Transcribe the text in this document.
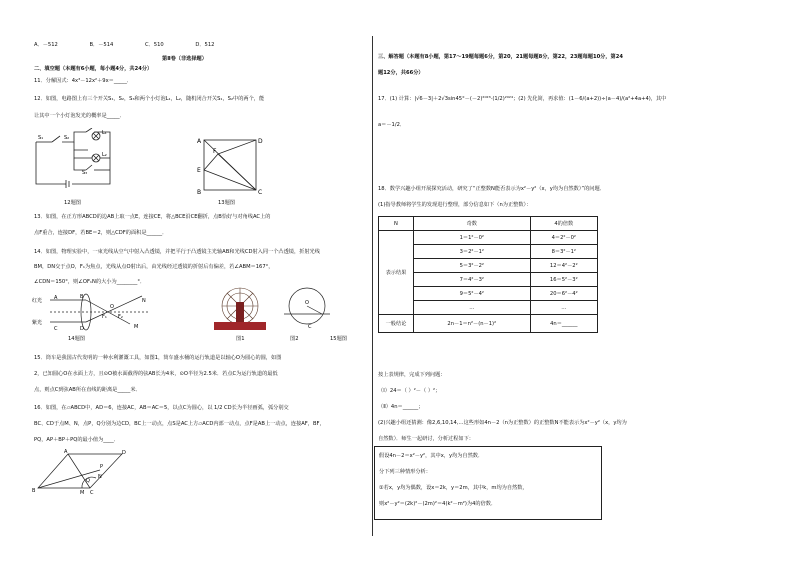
A．－512	B．－514	C．510	D．512
第Ⅱ卷（非选择题）
二、填空题（本题有6小题，每小题4分，共24分）
11．分解因式：4x³－12x²＋9x＝_____．
12．如图，电路图上有三个开关S₁，S₂，S₃和两个小灯泡L₁，L₂，随机闭合开关S₁，S₂中的两个，能
让其中一个小灯泡发光的概率是_____．
S₁	S₂
S₃
L₁
L₂
12题图
A	D
B	C
E
F
13题图
13．如图，在正方形ABCD的边AB上取一点E，连接CE，将△BCE沿CE翻折，点B恰好与对角线AC上的
点F重合，连接DF，若BE＝2，则△CDF的面积是______．
14．如图，物理实验中，一束光线从空气中射入凸透镜，并把平行于凸透镜主光轴AB和光线CD射入同一个凸透镜，折射光线
BM，DN交于点O，F₁为焦点，光线从点O射出后，由光线经过透镜的折射后有偏差，若∠ABM＝167°，
∠CDN＝150°，则∠OF₁N的大小为________°．
红光
紫光
A	B
C	D
F₁ F₂
O
N
M
14题图	图1
O
C
图2	15题图
15．筒车是我国古代发明的一种水利灌溉工具，如图1，筒车盛水桶的运行轨道是以轴心O为圆心的圆，如图
2，已知圆心O在水面上方，且⊙O被水面截得的弦AB长为4米，⊙O半径为2.5米．若点C为运行轨道的最低
点，则点C到弦AB所在直线的距离是_____米．
16．如图，在▱ABCD中，AD＝6，连接AC，AB＝AC＝5，以点C为圆心，以 1/2 CD长为半径画弧，弧分别交
BC、CD于点M、N，点P，Q分别为边CD，BC上一动点，点S是AC上方▱ACD内部一动点，点F是AB上一动点，连接AF，BF，
PQ，AP＋BP＋PQ的最小值为____．
B	C
A	D
M
N
P
Q
三、解答题（本题有8小题，第17～19题每题6分，第20，21题每题8分，第22，23题每题10分，第24
题12分，共66分）
17．(1) 计算：|√6－3|＋2√3sin45°－(－2)²⁰²³·(1/2)²⁰²⁴；(2) 先化简，再求值：(1－6/(a+2))÷(a－4)/(a²+4a+4)，其中
a＝－1/2．
18．数学兴趣小组开展探究活动，研究了“正整数N能否表示为x²－y²（x，y均为自然数）”的问题．
(1)指导教师将学生的发现进行整理，部分信息如下（n为正整数）：
N	奇数	4的倍数
表示结果	1＝1²－0²	4＝2²－0²
	3＝2²－1²	8＝3²－1²
	5＝3²－2²	12＝4²－2²
	7＝4²－3²	16＝5²－3²
	9＝5²－4²	20＝6²－4²
	…	…
一般结论	2n－1＝n²－(n－1)²	4n＝______
按上表规律，完成下列问题：
（Ⅰ）24＝（ ）²－（ ）²；
（Ⅱ）4n＝______；
(2)兴趣小组还猜测：像2,6,10,14,…这些形如4n－2（n为正整数）的正整数N不能表示为x²－y²（x，y均为
自然数）．师生一起研讨，分析过程如下：
假设4n－2＝x²－y²，其中x，y均为自然数．
分下列三种情形分析：
①若x，y均为偶数，设x＝2k，y＝2m，其中k，m均为自然数，
则x²－y²＝(2k)²－(2m)²＝4(k²－m²)为4的倍数．
